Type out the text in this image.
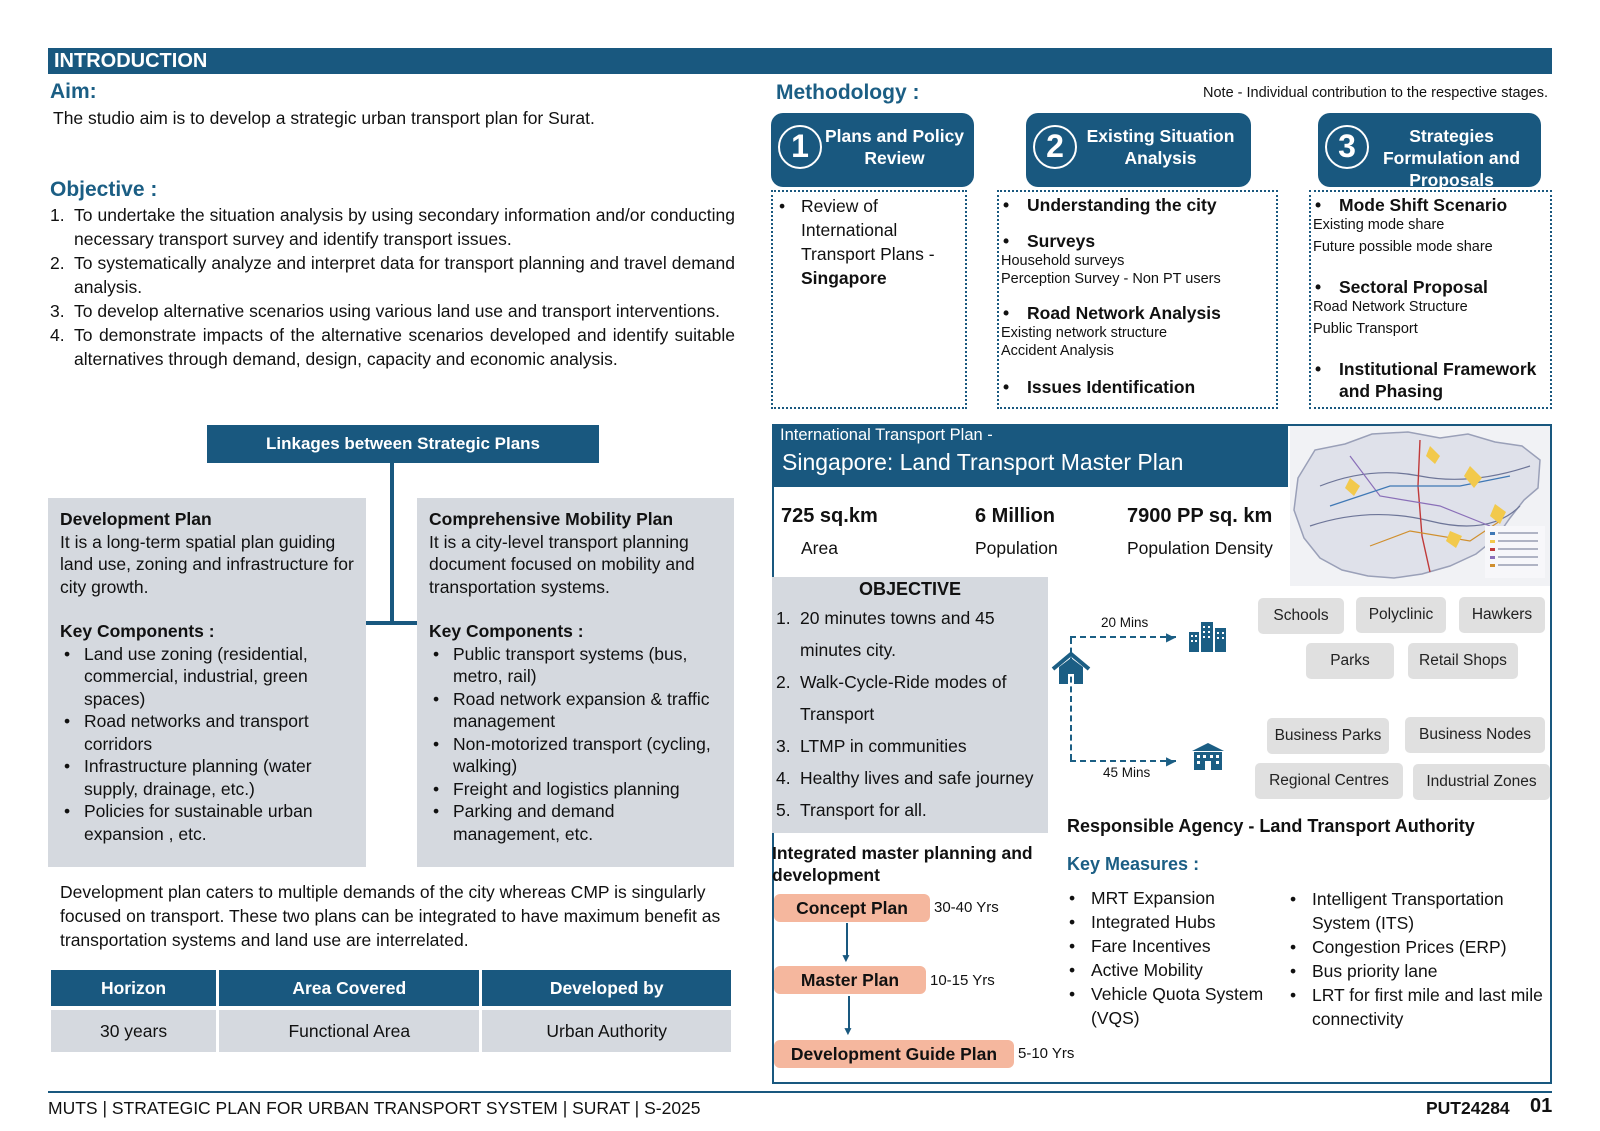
INTRODUCTION
Aim:
The studio aim is to develop a strategic urban transport plan for Surat.
Objective :
1. To undertake the situation analysis by using secondary information and/or conducting necessary transport survey and identify transport issues.
2. To systematically analyze and interpret data for transport planning and travel demand analysis.
3. To develop alternative scenarios using various land use and transport interventions.
4. To demonstrate impacts of the alternative scenarios developed and identify suitable alternatives through demand, design, capacity and economic analysis.
Linkages between Strategic Plans
Development Plan
It is a long-term spatial plan guiding land use, zoning and infrastructure for city growth.
Key Components :
• Land use zoning (residential, commercial, industrial, green spaces)
• Road networks and transport corridors
• Infrastructure planning (water supply, drainage, etc.)
• Policies for sustainable urban expansion , etc.
Comprehensive Mobility Plan
It is a city-level transport planning document focused on mobility and transportation systems.
Key Components :
• Public transport systems (bus, metro, rail)
• Road network expansion & traffic management
• Non-motorized transport (cycling, walking)
• Freight and logistics planning
• Parking and demand management, etc.
Development plan caters to multiple demands of the city whereas CMP is singularly focused on transport. These two plans can be integrated to have maximum benefit as transportation systems and land use are interrelated.
Horizon	Area Covered	Developed by
30 years	Functional Area	Urban Authority
Methodology :	Note - Individual contribution to the respective stages.
1 Plans and Policy Review	2	Existing Situation Analysis	3	Strategies Formulation and Proposals
• Review of
International
Transport Plans -
Singapore
• Understanding the city
• Surveys
Household surveys
Perception Survey - Non PT users
• Road Network Analysis
Existing network structure
Accident Analysis
• Issues Identification
• Mode Shift Scenario
Existing mode share
Future possible mode share
• Sectoral Proposal
Road Network Structure
Public Transport
• Institutional Framework and Phasing
International Transport Plan -
Singapore: Land Transport Master Plan
725 sq.km
Area
6 Million
Population
7900 PP sq. km
Population Density
OBJECTIVE
1. 20 minutes towns and 45
minutes city.
2. Walk-Cycle-Ride modes of
Transport
3. LTMP in communities
4. Healthy lives and safe journey
5. Transport for all.
▶
▶
20 Mins
45 Mins
Schools	Polyclinic	Hawkers
Parks	Retail Shops
Business Parks	Business Nodes
Regional Centres	Industrial Zones
Responsible Agency - Land Transport Authority
Integrated master planning and development
Concept Plan	30-40 Yrs
▼
Master Plan	10-15 Yrs
▼
Development Guide Plan	5-10 Yrs
Key Measures :
• MRT Expansion
• Integrated Hubs
• Fare Incentives
• Active Mobility
• Vehicle Quota System (VQS)
• Intelligent Transportation System (ITS)
• Congestion Prices (ERP)
• Bus priority lane
• LRT for first mile and last mile connectivity
MUTS | STRATEGIC PLAN FOR URBAN TRANSPORT SYSTEM | SURAT | S-2025	PUT24284 01
